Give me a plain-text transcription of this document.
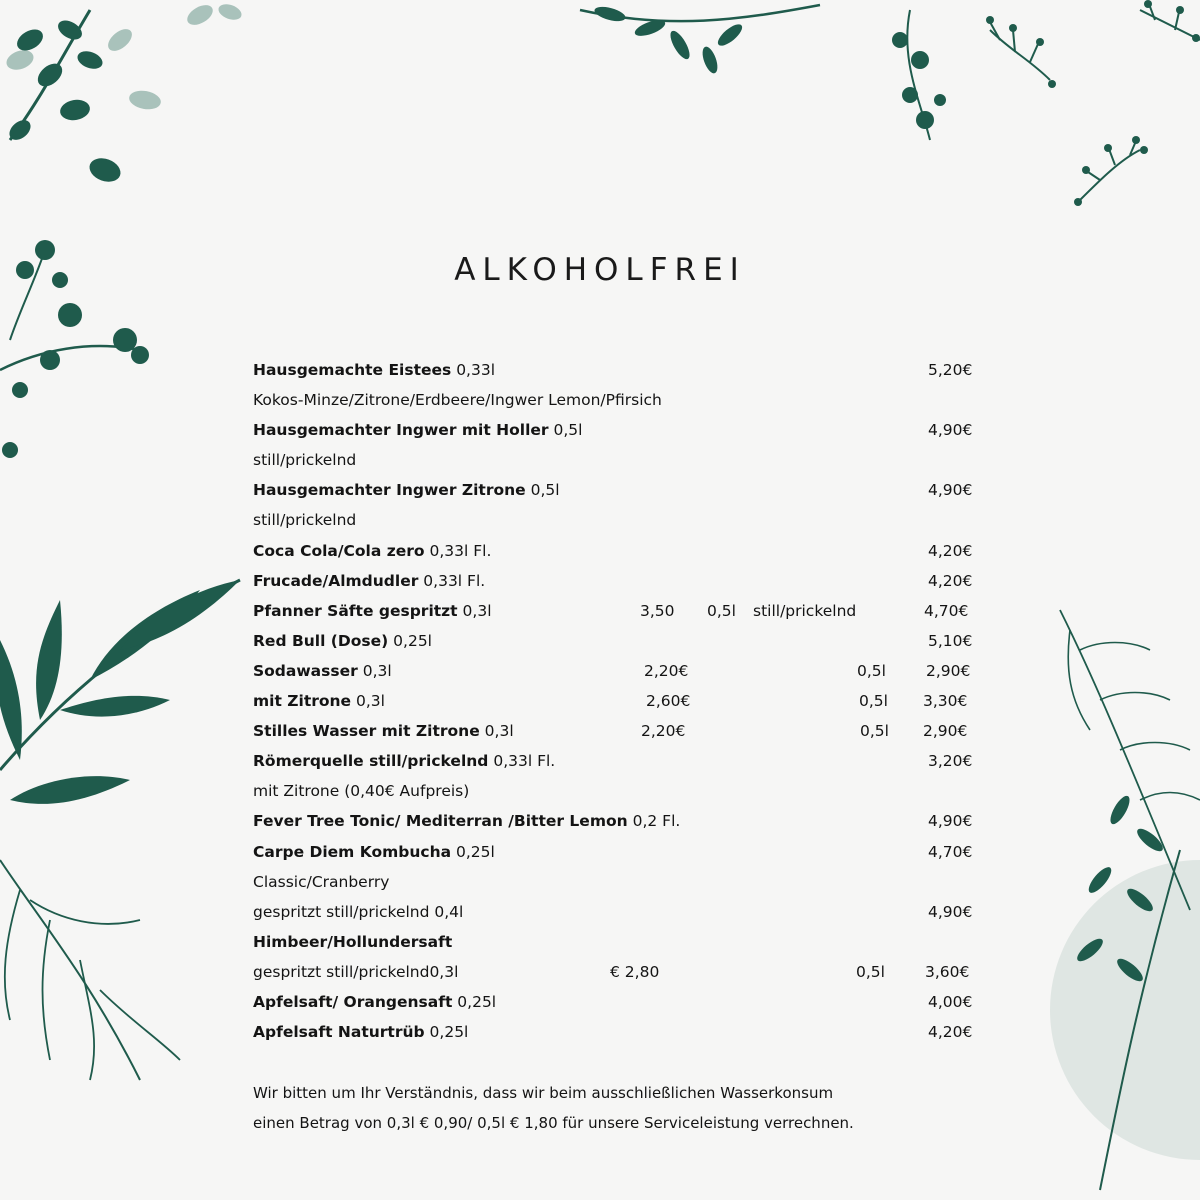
ALKOHOLFREI
Hausgemachte Eistees 0,33l	5,20€
Kokos-Minze/Zitrone/Erdbeere/Ingwer Lemon/Pfirsich
Hausgemachter Ingwer mit Holler 0,5l	4,90€
still/prickelnd
Hausgemachter Ingwer Zitrone 0,5l	4,90€
still/prickelnd
Coca Cola/Cola zero 0,33l Fl.	4,20€
Frucade/Almdudler 0,33l Fl.	4,20€
Pfanner Säfte gespritzt 0,3l	3,50 0,5l still/prickelnd	4,70€
Red Bull (Dose) 0,25l	5,10€
Sodawasser 0,3l	2,20€	0,5l	2,90€
mit Zitrone 0,3l	2,60€	0,5l 3,30€
Stilles Wasser mit Zitrone 0,3l	2,20€	0,5l 2,90€
Römerquelle still/prickelnd 0,33l Fl.	3,20€
mit Zitrone (0,40€ Aufpreis)
Fever Tree Tonic/ Mediterran /Bitter Lemon 0,2 Fl.	4,90€
Carpe Diem Kombucha 0,25l	4,70€
Classic/Cranberry
gespritzt still/prickelnd 0,4l	4,90€
Himbeer/Hollundersaft
gespritzt still/prickelnd0,3l	€ 2,80	0,5l	3,60€
Apfelsaft/ Orangensaft 0,25l	4,00€
Apfelsaft Naturtrüb 0,25l	4,20€

Wir bitten um Ihr Verständnis, dass wir beim ausschließlichen Wasserkonsum

einen Betrag von 0,3l € 0,90/ 0,5l € 1,80 für unsere Serviceleistung verrechnen.
